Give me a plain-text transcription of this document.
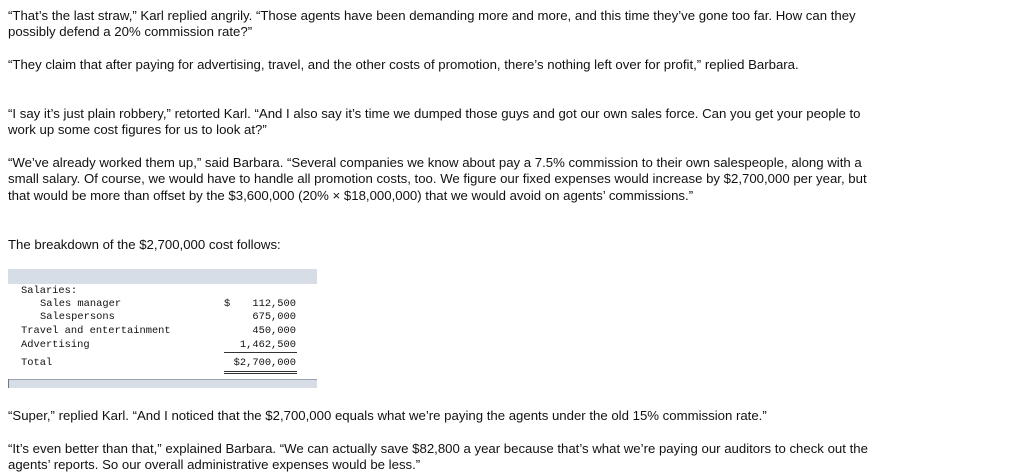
“That’s the last straw,” Karl replied angrily. “Those agents have been demanding more and more, and this time they’ve gone too far. How can they possibly defend a 20% commission rate?”

“They claim that after paying for advertising, travel, and the other costs of promotion, there’s nothing left over for profit,” replied Barbara.

“I say it’s just plain robbery,” retorted Karl. “And I also say it’s time we dumped those guys and got our own sales force. Can you get your people to work up some cost figures for us to look at?”

“We’ve already worked them up,” said Barbara. “Several companies we know about pay a 7.5% commission to their own salespeople, along with a small salary. Of course, we would have to handle all promotion costs, too. We figure our fixed expenses would increase by $2,700,000 per year, but that would be more than offset by the $3,600,000 (20% × $18,000,000) that we would avoid on agents’ commissions.”

The breakdown of the $2,700,000 cost follows:

Salaries:
Sales manager	$ 112,500
Salespersons	675,000
Travel and entertainment	450,000
Advertising	1,462,500
Total	$2,700,000

“Super,” replied Karl. “And I noticed that the $2,700,000 equals what we’re paying the agents under the old 15% commission rate.”

“It’s even better than that,” explained Barbara. “We can actually save $82,800 a year because that’s what we’re paying our auditors to check out the agents’ reports. So our overall administrative expenses would be less.”
